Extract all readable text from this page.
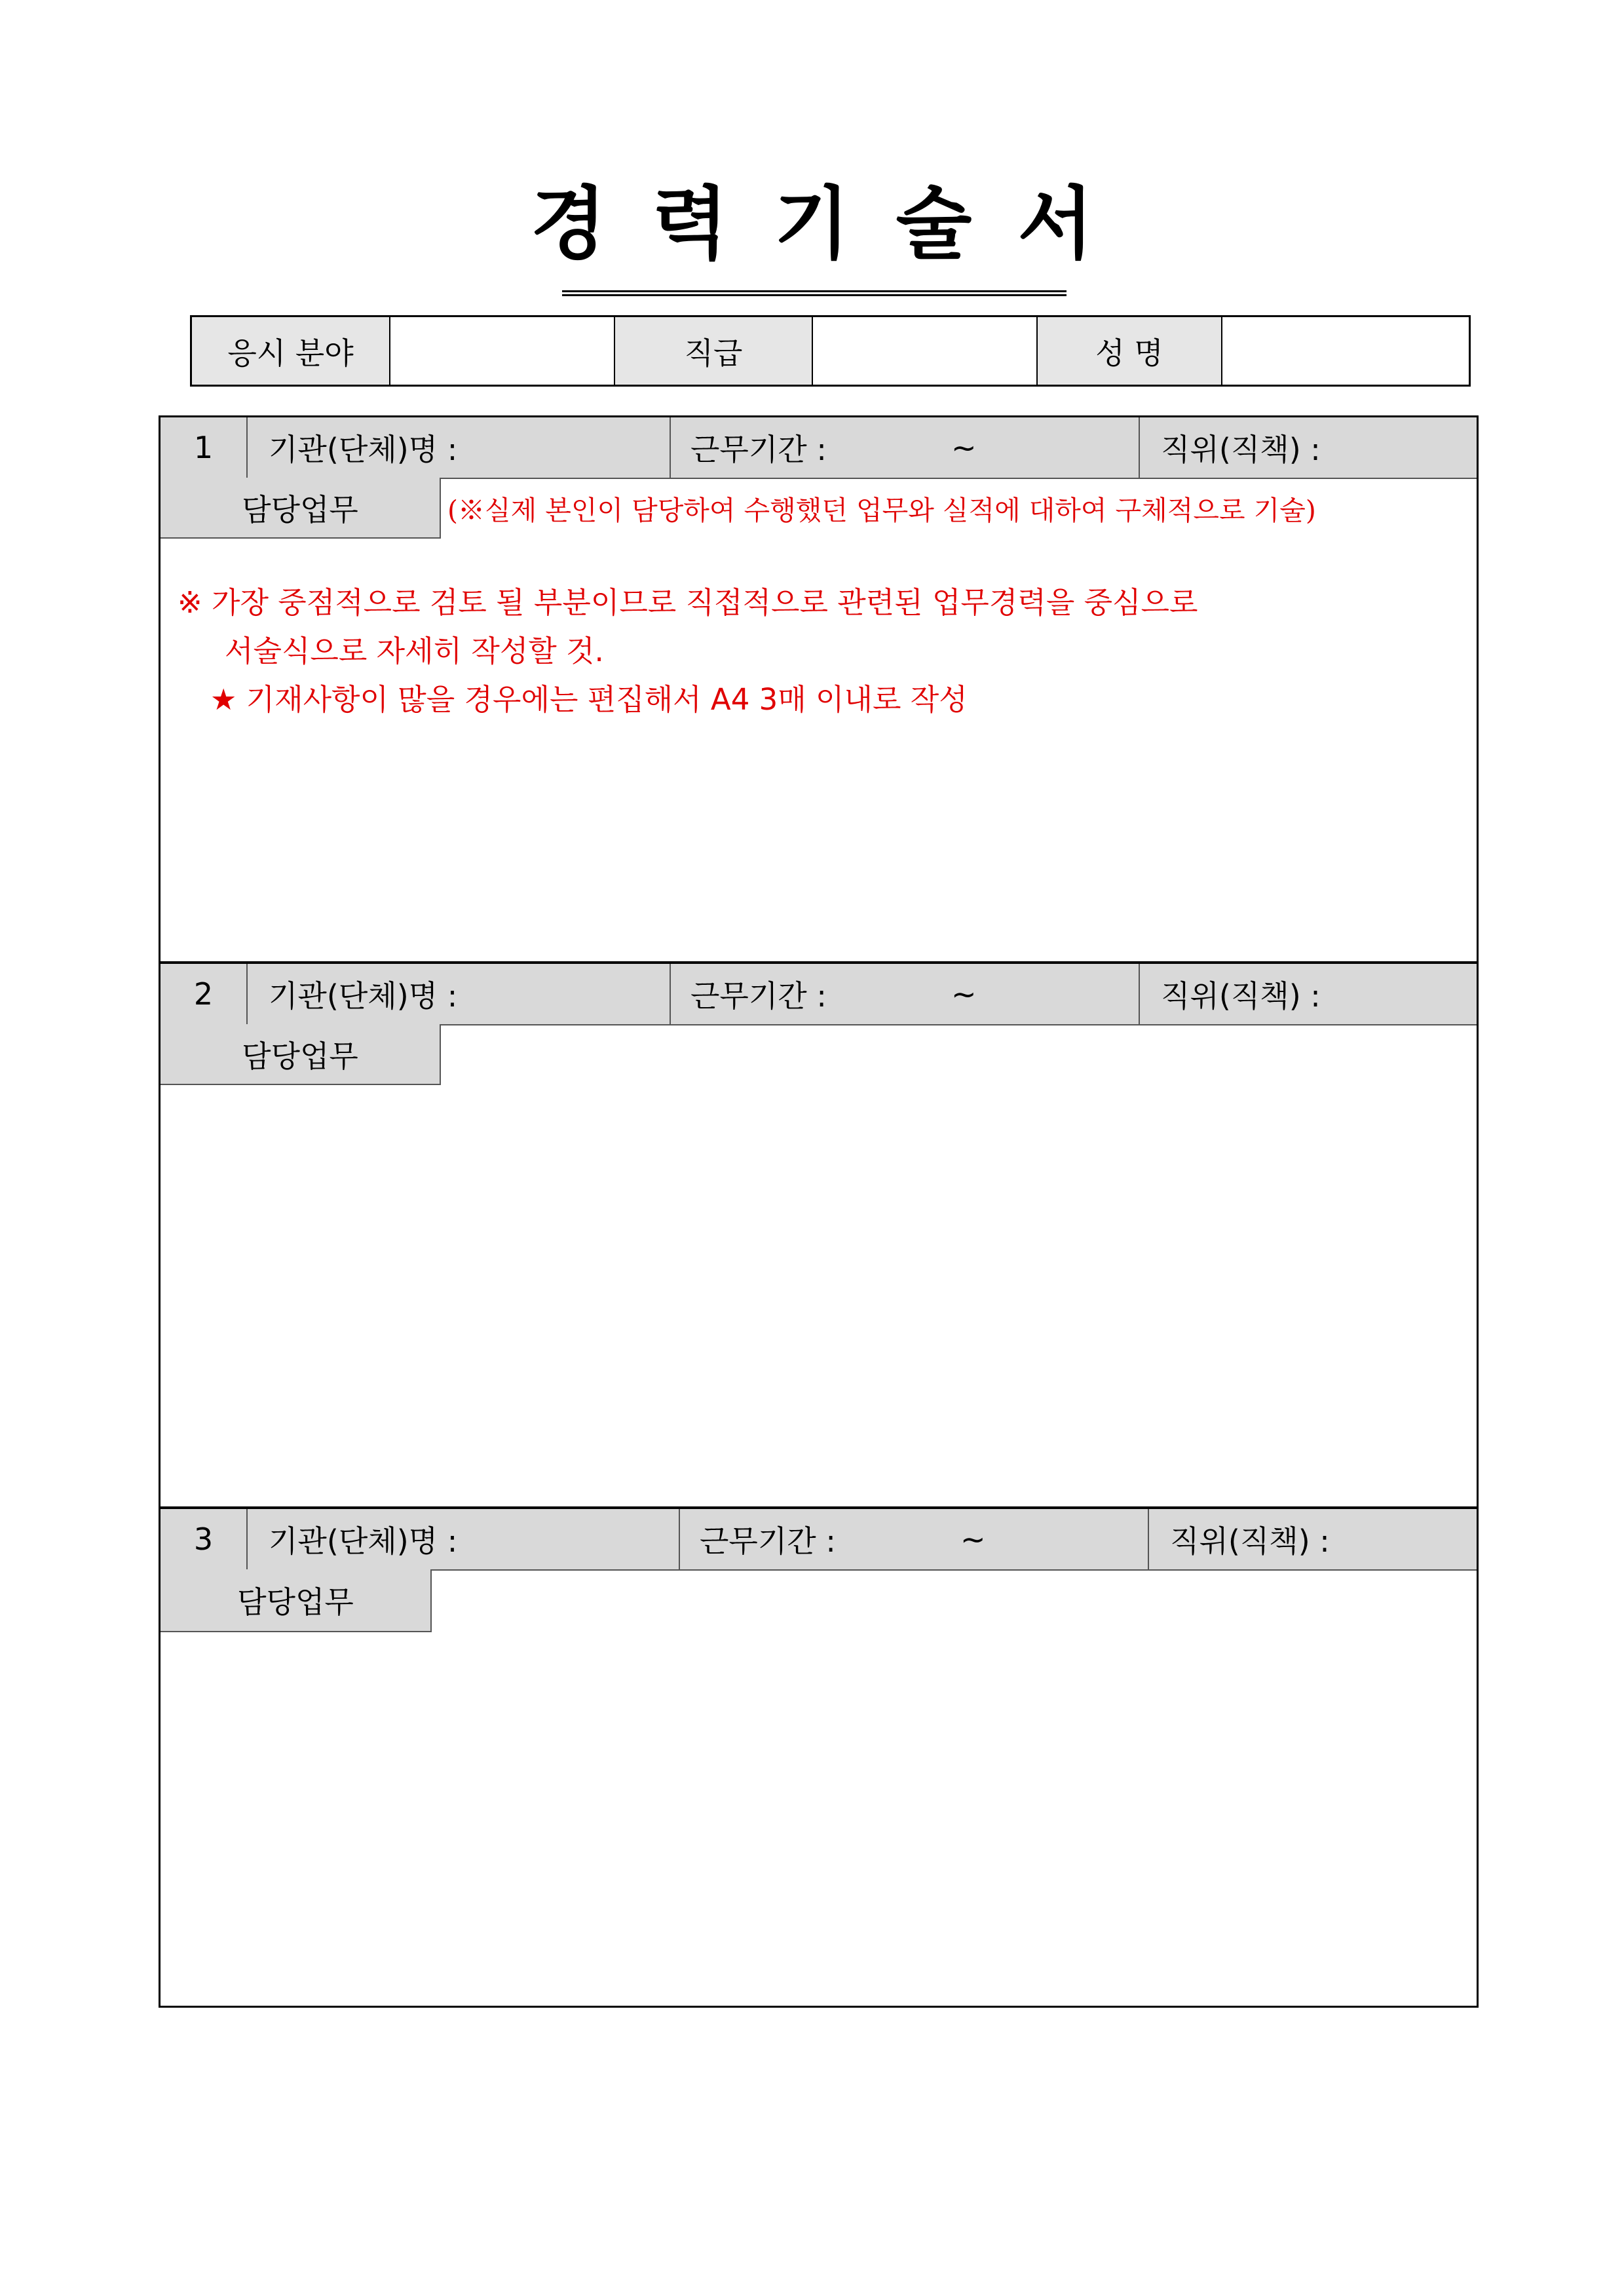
경력기술서
응시 분야	직급	성 명
1	기관(단체)명 :	근무기간 :	~	직위(직책) :
담당업무	(※실제 본인이 담당하여 수행했던 업무와 실적에 대하여 구체적으로 기술)
※ 가장 중점적으로 검토 될 부분이므로 직접적으로 관련된 업무경력을 중심으로
서술식으로 자세히 작성할 것.
★ 기재사항이 많을 경우에는 편집해서 A4 3매 이내로 작성
2	기관(단체)명 :	근무기간 :	~	직위(직책) :
담당업무
3	기관(단체)명 :	근무기간 :	~	직위(직책) :
담당업무
